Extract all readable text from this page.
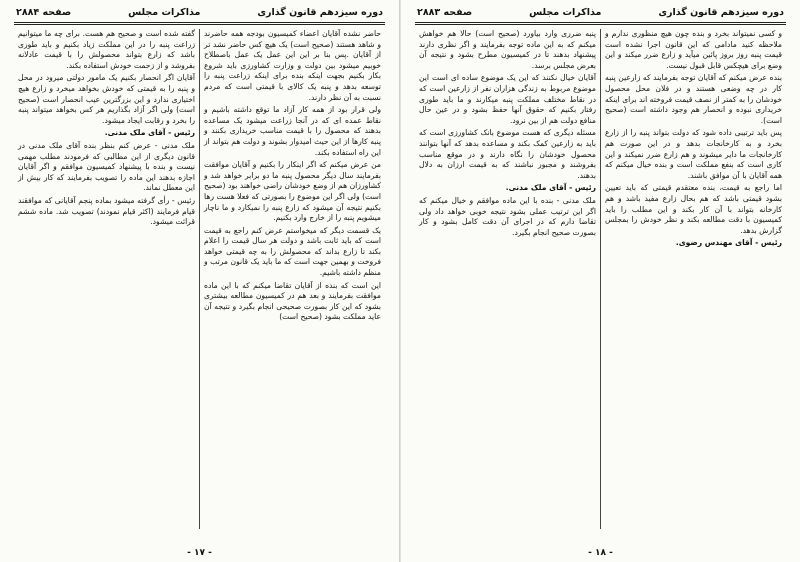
دوره سیزدهم قانون گذاری
مذاکرات مجلس
صفحه ۲۸۸۴

حاضر نشده آقایان اعضاء کمیسیون بودجه همه حاضرند و شاهد هستند (صحیح است) یک هیچ کس حاضر نشد تر از آقایان .پس بنا بر این این عمل یک عمل باصطلاح خوبیم میشود بین دولت و وزارت کشاورزی باید شروع بکار بکنیم بجهت اینکه بنده برای اینکه زراعت پنبه را توسعه بدهد و پنبه یک کالای با قیمتی است که مردم نسبت به آن نظر دارند.

ولی قرار بود از همه کار آزاد ما توقع داشته باشیم و نقاط عمده ای که در آنجا زراعت میشود یک مساعده بدهند که محصول را با قیمت مناسب خریداری بکنند و پنبه کارها از این حیث امیدوار بشوند و دولت هم بتواند از این راه استفاده بکند.

من عرض میکنم که اگر اینکار را بکنیم و آقایان موافقت بفرمایند سال دیگر محصول پنبه ما دو برابر خواهد شد و کشاورزان هم از وضع خودشان راضی خواهند بود (صحیح است) ولی اگر این موضوع را بصورتی که فعلا هست رها بکنیم نتیجه آن میشود که زارع پنبه را نمیکارد و ما ناچار میشویم پنبه را از خارج وارد بکنیم.

یک قسمت دیگر که میخواستم عرض کنم راجع به قیمت است که باید ثابت باشد و دولت هر سال قیمت را اعلام بکند تا زارع بداند که محصولش را به چه قیمتی خواهد فروخت و بهمین جهت است که ما باید یک قانون مرتب و منظم داشته باشیم.

این است که بنده از آقایان تقاضا میکنم که با این ماده موافقت بفرمایند و بعد هم در کمیسیون مطالعه بیشتری بشود که این کار بصورت صحیحی انجام بگیرد و نتیجه آن عاید مملکت بشود (صحیح است)

گفته شده است و صحیح هم هست. برای چه ما میتوانیم زراعت پنبه را در این مملکت زیاد بکنیم و باید طوری باشد که زارع بتواند محصولش را با قیمت عادلانه بفروشد و از زحمت خودش استفاده بکند.

آقایان اگر انحصار بکنیم یک مامور دولتی میرود در محل و پنبه را به قیمتی که خودش بخواهد میخرد و زارع هیچ اختیاری ندارد و این بزرگترین عیب انحصار است (صحیح است) ولی اگر آزاد بگذاریم هر کس بخواهد میتواند پنبه را بخرد و رقابت ایجاد میشود.

رئیس - آقای ملک مدنی.

ملک مدنی - عرض کنم بنظر بنده آقای ملک مدنی در قانون دیگری از این مطالبی که فرمودند مطلب مهمی نیست و بنده با پیشنهاد کمیسیون موافقم و اگر آقایان اجازه بدهند این ماده را تصویب بفرمایند که کار بیش از این معطل نماند.

رئیس - رأی گرفته میشود بماده پنجم آقایانی که موافقند قیام فرمایند (اکثر قیام نمودند) تصویب شد. ماده ششم قرائت میشود.

- ۱۷ -
دوره سیزدهم قانون گذاری
مذاکرات مجلس
صفحه ۲۸۸۳

و کسی نمیتواند بخرد و بنده چون هیچ منظوری ندارم و ملاحظه کنید مادامی که این قانون اجرا نشده است قیمت پنبه روز بروز پائین میآید و زارع ضرر میکند و این وضع برای هیچکس قابل قبول نیست.

بنده عرض میکنم که آقایان توجه بفرمایند که زارعین پنبه کار در چه وضعی هستند و در فلان محل محصول خودشان را به کمتر از نصف قیمت فروخته اند برای اینکه خریداری نبوده و انحصار هم وجود داشته است (صحیح است).

پس باید ترتیبی داده شود که دولت بتواند پنبه را از زارع بخرد و به کارخانجات بدهد و در این صورت هم کارخانجات ما دایر میشوند و هم زارع ضرر نمیکند و این کاری است که بنفع مملکت است و بنده خیال میکنم که همه آقایان با آن موافق باشند.

اما راجع به قیمت، بنده معتقدم قیمتی که باید تعیین بشود قیمتی باشد که هم بحال زارع مفید باشد و هم کارخانه بتواند با آن کار بکند و این مطلب را باید کمیسیون با دقت مطالعه بکند و نظر خودش را بمجلس گزارش بدهد.

رئیس - آقای مهندس رضوی.

پنبه ضرری وارد بیاورد (صحیح است) حالا هم خواهش میکنم که به این ماده توجه بفرمایند و اگر نظری دارند پیشنهاد بدهند تا در کمیسیون مطرح بشود و نتیجه آن بعرض مجلس برسد.

آقایان خیال نکنند که این یک موضوع ساده ای است این موضوع مربوط به زندگی هزاران نفر از زارعین است که در نقاط مختلف مملکت پنبه میکارند و ما باید طوری رفتار بکنیم که حقوق آنها حفظ بشود و در عین حال منافع دولت هم از بین نرود.

مسئله دیگری که هست موضوع بانک کشاورزی است که باید به زارعین کمک بکند و مساعده بدهد که آنها بتوانند محصول خودشان را نگاه دارند و در موقع مناسب بفروشند و مجبور نباشند که به قیمت ارزان به دلال بدهند.

رئیس - آقای ملک مدنی.

ملک مدنی - بنده با این ماده موافقم و خیال میکنم که اگر این ترتیب عملی بشود نتیجه خوبی خواهد داد ولی تقاضا دارم که در اجرای آن دقت کامل بشود و کار بصورت صحیح انجام بگیرد.

- ۱۸ -
